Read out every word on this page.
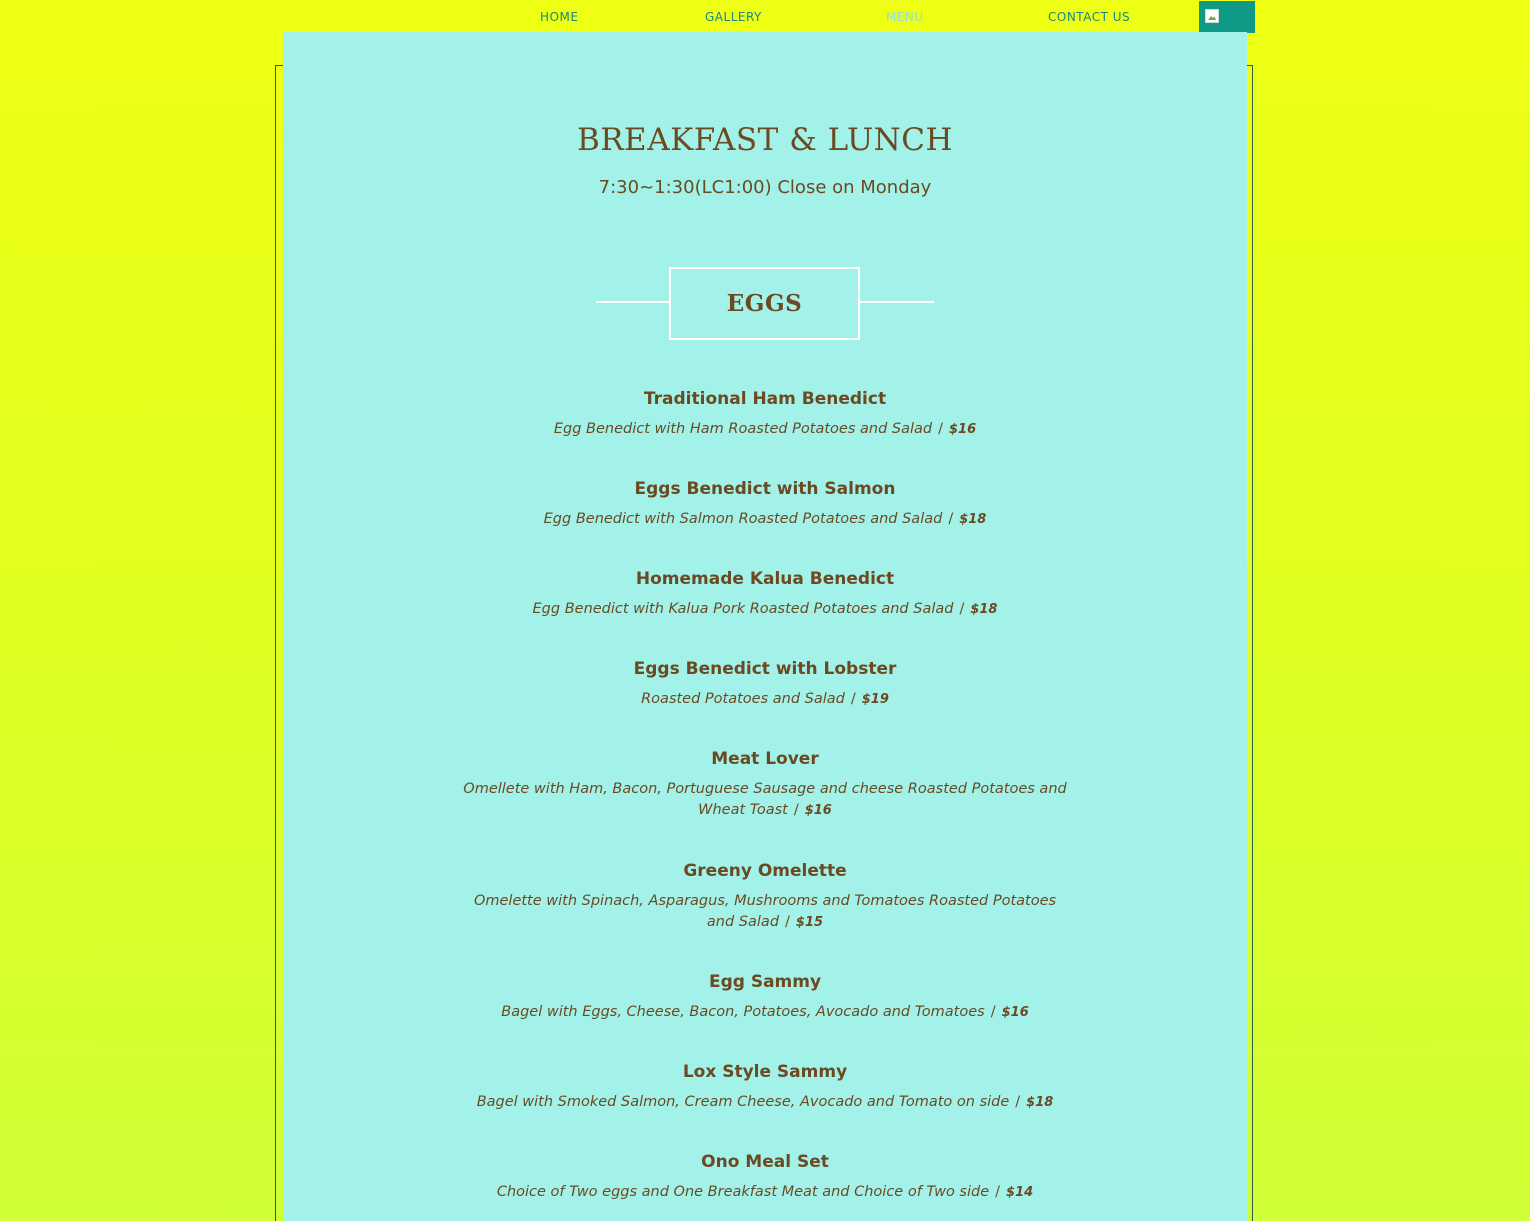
HOME	GALLERY	MENU	CONTACT US
BREAKFAST & LUNCH
7:30~1:30(LC1:00) Close on Monday
EGGS
Traditional Ham Benedict
Egg Benedict with Ham Roasted Potatoes and Salad / $16
Eggs Benedict with Salmon
Egg Benedict with Salmon Roasted Potatoes and Salad / $18
Homemade Kalua Benedict
Egg Benedict with Kalua Pork Roasted Potatoes and Salad / $18
Eggs Benedict with Lobster
Roasted Potatoes and Salad / $19
Meat Lover
Omellete with Ham, Bacon, Portuguese Sausage and cheese Roasted Potatoes and Wheat Toast / $16
Greeny Omelette
Omelette with Spinach, Asparagus, Mushrooms and Tomatoes Roasted Potatoes and Salad / $15
Egg Sammy
Bagel with Eggs, Cheese, Bacon, Potatoes, Avocado and Tomatoes / $16
Lox Style Sammy
Bagel with Smoked Salmon, Cream Cheese, Avocado and Tomato on side / $18
Ono Meal Set
Choice of Two eggs and One Breakfast Meat and Choice of Two side / $14
